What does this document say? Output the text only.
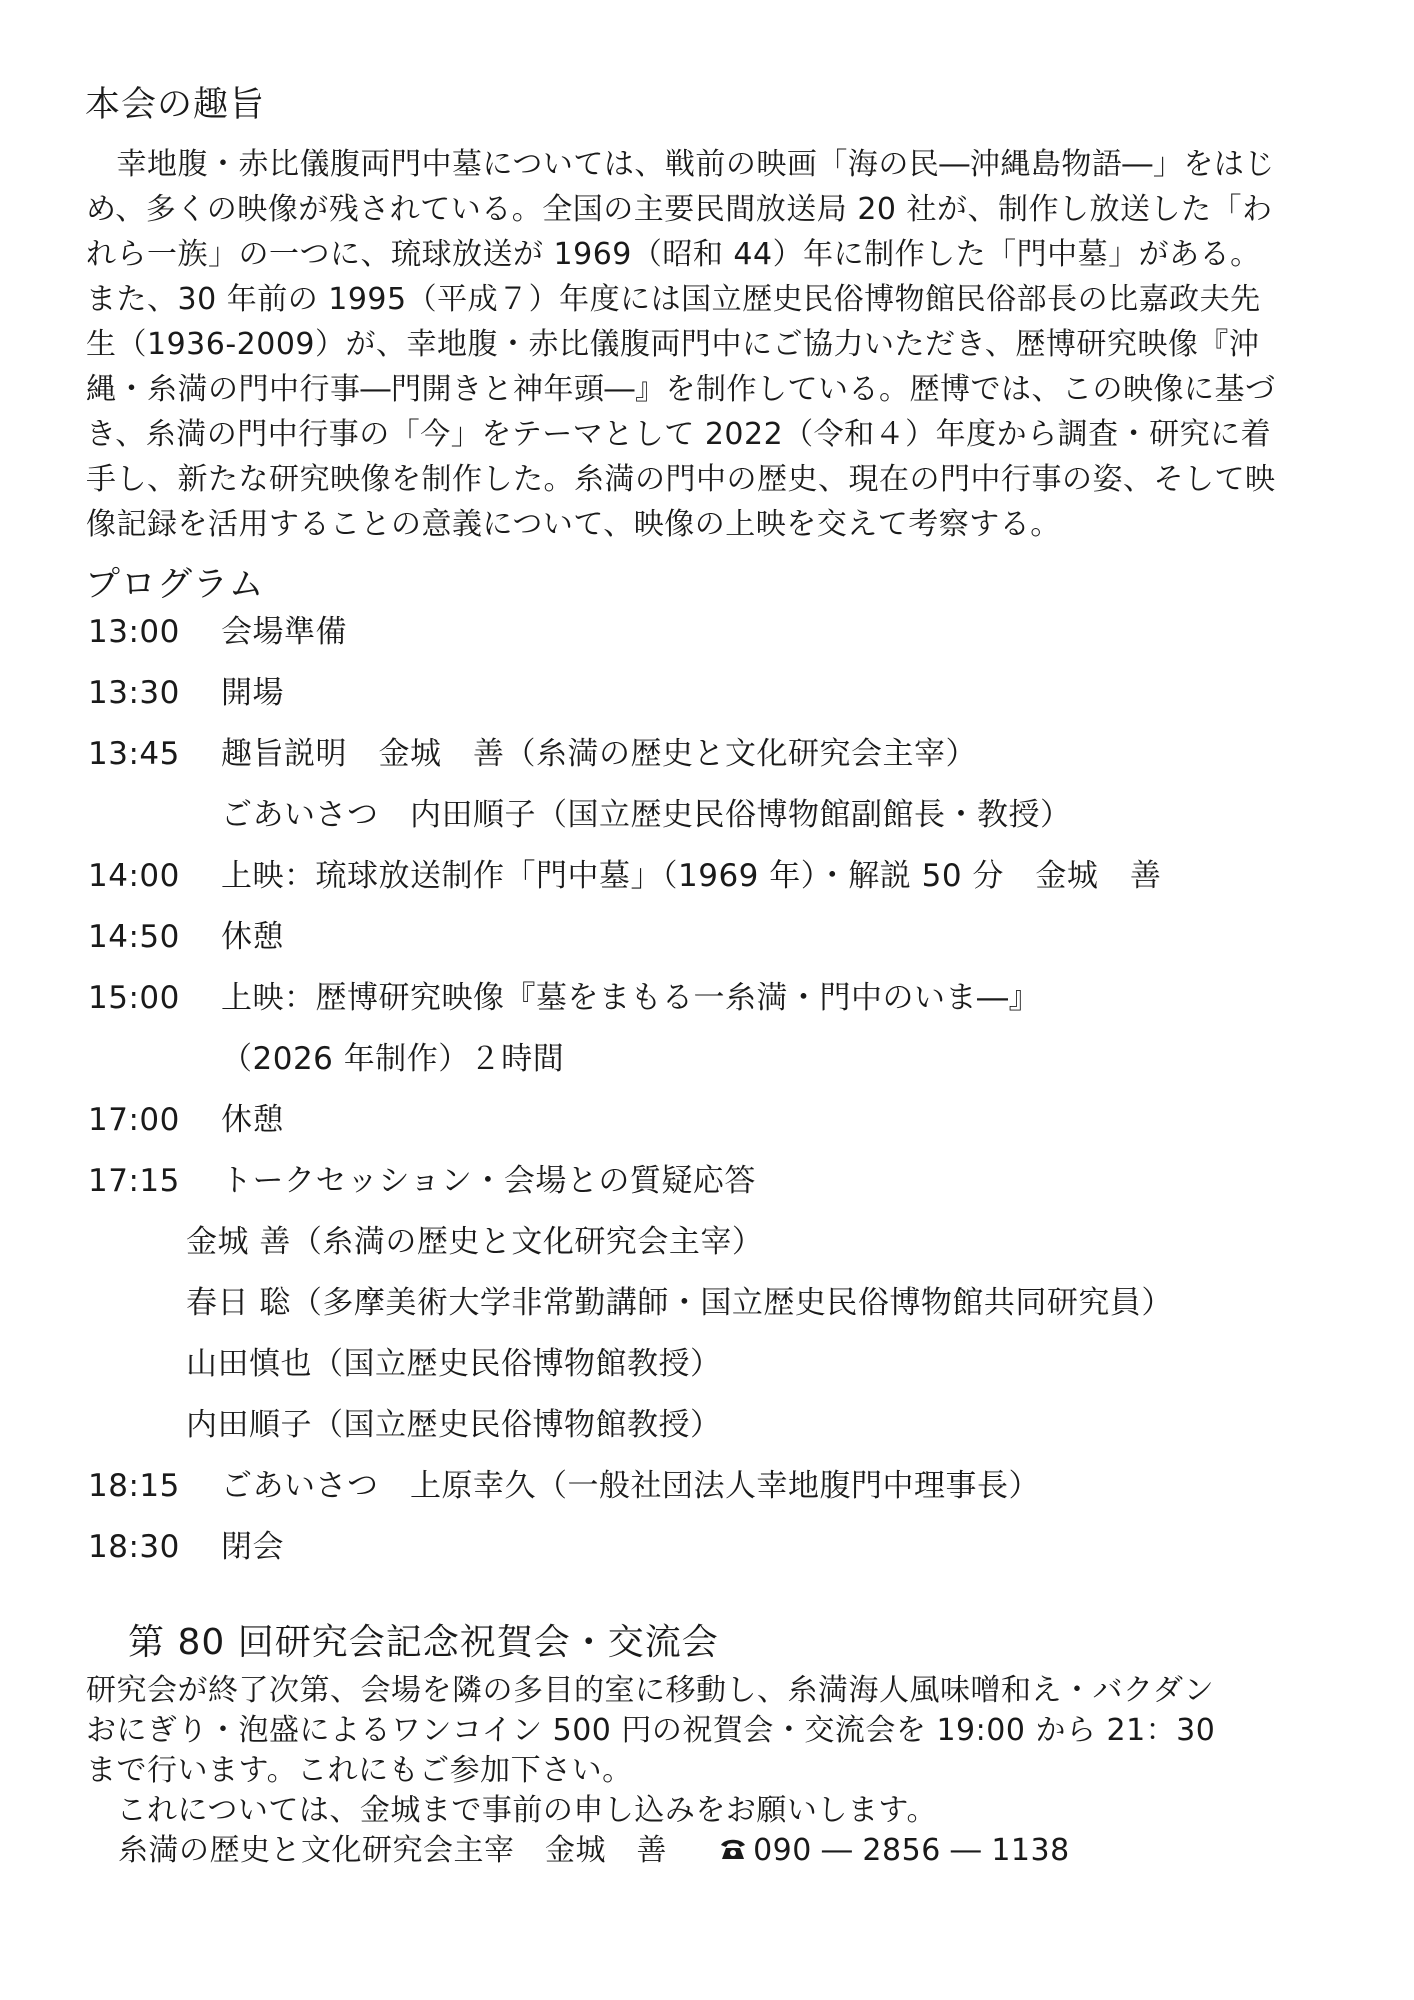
本会の趣旨
　幸地腹・赤比儀腹両門中墓については、戦前の映画「海の民―沖縄島物語―」をはじ
め、多くの映像が残されている。全国の主要民間放送局 20 社が、制作し放送した「わ
れら一族」の一つに、琉球放送が 1969（昭和 44）年に制作した「門中墓」がある。
また、30 年前の 1995（平成７）年度には国立歴史民俗博物館民俗部長の比嘉政夫先
生（1936-2009）が、幸地腹・赤比儀腹両門中にご協力いただき、歴博研究映像『沖
縄・糸満の門中行事―門開きと神年頭―』を制作している。歴博では、この映像に基づ
き、糸満の門中行事の「今」をテーマとして 2022（令和４）年度から調査・研究に着
手し、新たな研究映像を制作した。糸満の門中の歴史、現在の門中行事の姿、そして映
像記録を活用することの意義について、映像の上映を交えて考察する。
プログラム
13:00 会場準備
13:30 開場
13:45 趣旨説明　金城　善（糸満の歴史と文化研究会主宰）
ごあいさつ　内田順子（国立歴史民俗博物館副館長・教授）
14:00 上映：琉球放送制作「門中墓」（1969 年）・解説 50 分　金城　善
14:50 休憩
15:00 上映：歴博研究映像『墓をまもる一糸満・門中のいま―』
（2026 年制作）２時間
17:00 休憩
17:15 トークセッション・会場との質疑応答
金城 善（糸満の歴史と文化研究会主宰）
春日 聡（多摩美術大学非常勤講師・国立歴史民俗博物館共同研究員）
山田慎也（国立歴史民俗博物館教授）
内田順子（国立歴史民俗博物館教授）
18:15 ごあいさつ　上原幸久（一般社団法人幸地腹門中理事長）
18:30 閉会
第 80 回研究会記念祝賀会・交流会
研究会が終了次第、会場を隣の多目的室に移動し、糸満海人風味噌和え・バクダン
おにぎり・泡盛によるワンコイン 500 円の祝賀会・交流会を 19:00 から 21：30
まで行います。これにもご参加下さい。
　これについては、金城まで事前の申し込みをお願いします。
糸満の歴史と文化研究会主宰　金城　善	090 ― 2856 ― 1138
